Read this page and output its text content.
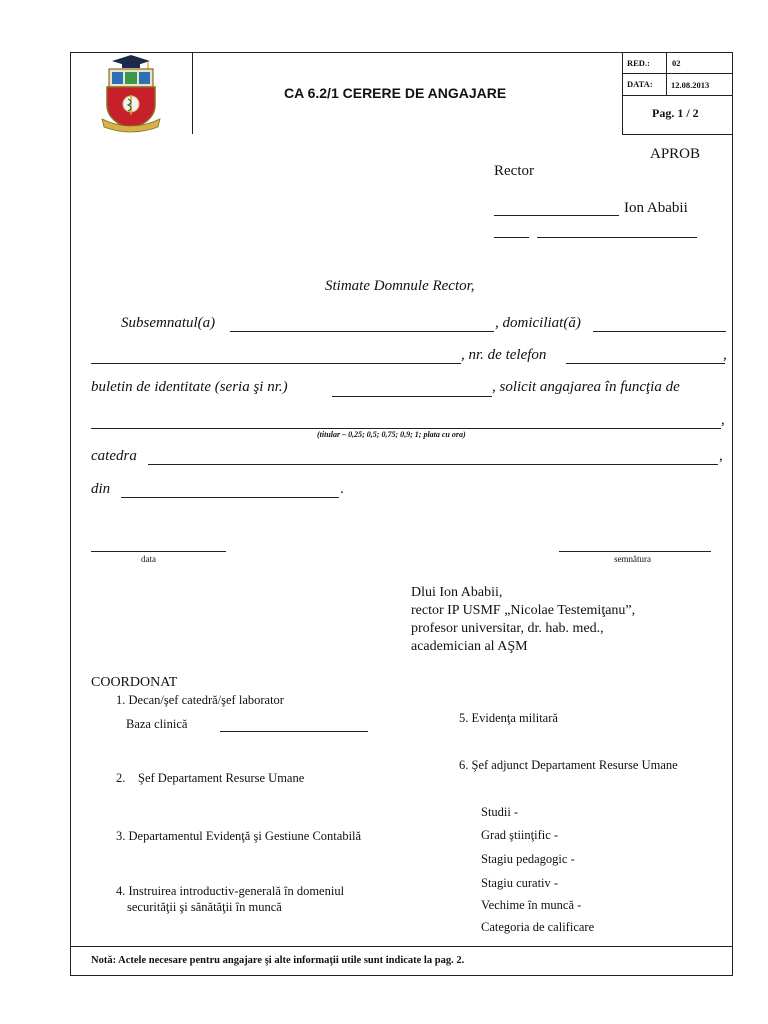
CA 6.2/1 CERERE DE ANGAJARE
RED.:	02
DATA: 12.08.2013
Pag. 1 / 2
APROB
Rector
Ion Ababii
Stimate Domnule Rector,
Subsemnatul(a)	, domiciliat(ă)
, nr. de telefon	,
buletin de identitate (seria şi nr.)	, solicit angajarea în funcţia de
,
(titular – 0,25; 0,5; 0,75; 0,9; 1; plata cu ora)
catedra	,
din	.
data	semnătura
Dlui Ion Ababii,
rector IP USMF „Nicolae Testemiţanu”,
profesor universitar, dr. hab. med.,
academician al AŞM
COORDONAT
1. Decan/şef catedră/şef laborator
Baza clinică
2. Şef Departament Resurse Umane
3. Departamentul Evidenţă şi Gestiune Contabilă
4. Instruirea introductiv-generală în domeniul
securităţii şi sănătăţii în muncă
5. Evidenţa militară
6. Şef adjunct Departament Resurse Umane
Studii -
Grad ştiinţific -
Stagiu pedagogic -
Stagiu curativ -
Vechime în muncă -
Categoria de calificare
Notă: Actele necesare pentru angajare şi alte informaţii utile sunt indicate la pag. 2.
